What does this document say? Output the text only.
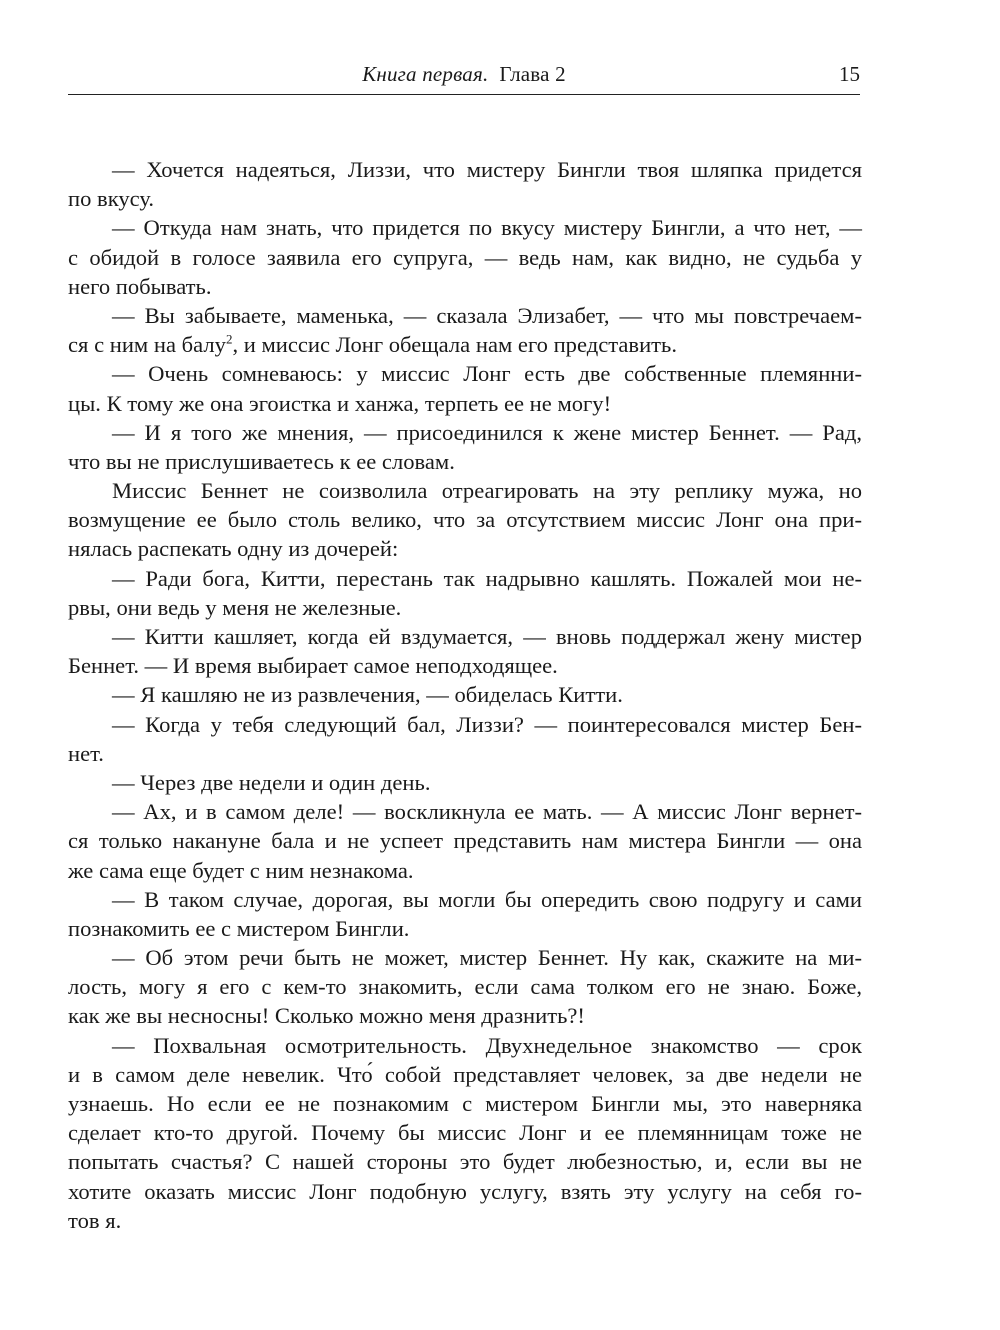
Книга первая. Глава 2	15
— Хочется надеяться, Лиззи, что мистеру Бингли твоя шляпка придется
по вкусу.
— Откуда нам знать, что придется по вкусу мистеру Бингли, а что нет, —
с обидой в голосе заявила его супруга, — ведь нам, как видно, не судьба у
него побывать.
— Вы забываете, маменька, — сказала Элизабет, — что мы повстречаем-
ся с ним на балу$^2$, и миссис Лонг обещала нам его представить.
— Очень сомневаюсь: у миссис Лонг есть две собственные племянни-
цы. К тому же она эгоистка и ханжа, терпеть ее не могу!
— И я того же мнения, — присоединился к жене мистер Беннет. — Рад,
что вы не прислушиваетесь к ее словам.
Миссис Беннет не соизволила отреагировать на эту реплику мужа, но
возмущение ее было столь велико, что за отсутствием миссис Лонг она при-
нялась распекать одну из дочерей:
— Ради бога, Китти, перестань так надрывно кашлять. Пожалей мои не-
рвы, они ведь у меня не железные.
— Китти кашляет, когда ей вздумается, — вновь поддержал жену мистер
Беннет. — И время выбирает самое неподходящее.
— Я кашляю не из развлечения, — обиделась Китти.
— Когда у тебя следующий бал, Лиззи? — поинтересовался мистер Бен-
нет.
— Через две недели и один день.
— Ах, и в самом деле! — воскликнула ее мать. — А миссис Лонг вернет-
ся только накануне бала и не успеет представить нам мистера Бингли — она
же сама еще будет с ним незнакома.
— В таком случае, дорогая, вы могли бы опередить свою подругу и сами
познакомить ее с мистером Бингли.
— Об этом речи быть не может, мистер Беннет. Ну как, скажите на ми-
лость, могу я его с кем-то знакомить, если сама толком его не знаю. Боже,
как же вы несносны! Сколько можно меня дразнить?!
— Похвальная осмотрительность. Двухнедельное знакомство — срок
и в самом деле невелик. Что́ собой представляет человек, за две недели не
узнаешь. Но если ее не познакомим с мистером Бингли мы, это наверняка
сделает кто-то другой. Почему бы миссис Лонг и ее племянницам тоже не
попытать счастья? С нашей стороны это будет любезностью, и, если вы не
хотите оказать миссис Лонг подобную услугу, взять эту услугу на себя го-
тов я.
